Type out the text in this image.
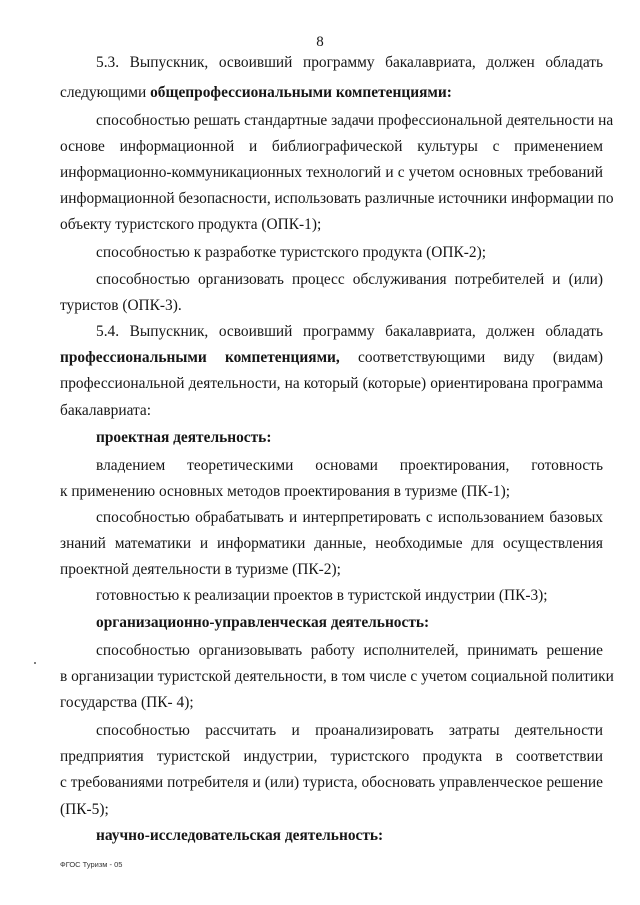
8
5.3. Выпускник, освоивший программу бакалавриата, должен обладать
следующими общепрофессиональными компетенциями:
способностью решать стандартные задачи профессиональной деятельности на
основе информационной и библиографической культуры с применением
информационно-коммуникационных технологий и с учетом основных требований
информационной безопасности, использовать различные источники информации по
объекту туристского продукта (ОПК-1);
способностью к разработке туристского продукта (ОПК-2);
способностью организовать процесс обслуживания потребителей и (или)
туристов (ОПК-3).
5.4. Выпускник, освоивший программу бакалавриата, должен обладать
профессиональными компетенциями, соответствующими виду (видам)
профессиональной деятельности, на который (которые) ориентирована программа
бакалавриата:
проектная деятельность:
владением теоретическими основами проектирования, готовность
к применению основных методов проектирования в туризме (ПК-1);
способностью обрабатывать и интерпретировать с использованием базовых
знаний математики и информатики данные, необходимые для осуществления
проектной деятельности в туризме (ПК-2);
готовностью к реализации проектов в туристской индустрии (ПК-3);
организационно-управленческая деятельность:
способностью организовывать работу исполнителей, принимать решение
в организации туристской деятельности, в том числе с учетом социальной политики
государства (ПК- 4);
способностью рассчитать и проанализировать затраты деятельности
предприятия туристской индустрии, туристского продукта в соответствии
с требованиями потребителя и (или) туриста, обосновать управленческое решение
(ПК-5);
научно-исследовательская деятельность:
ФГОС Туризм - 05
